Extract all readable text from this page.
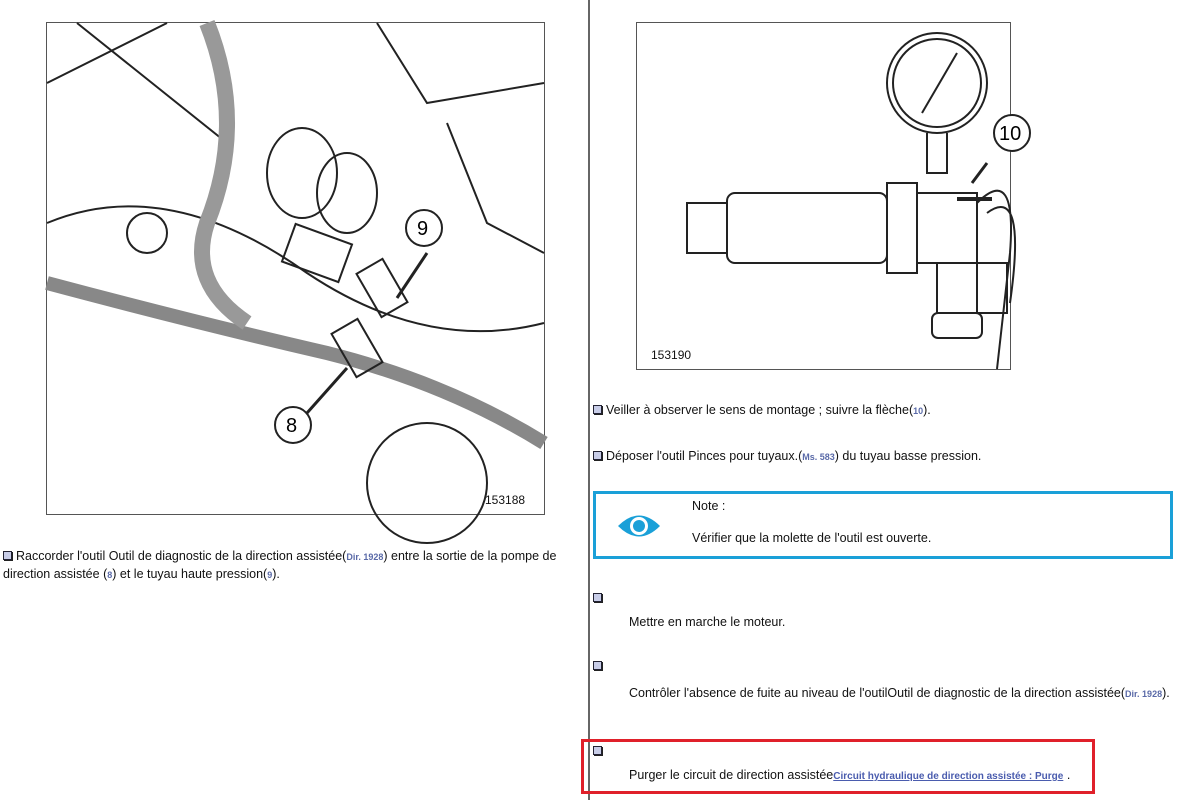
9
8
153188
Raccorder l'outil Outil de diagnostic de la direction assistée(Dir. 1928) entre la sortie de la pompe de direction assistée (8) et le tuyau haute pression(9).
10
153190
Veiller à observer le sens de montage ; suivre la flèche(10).
Déposer l'outil Pinces pour tuyaux.(Ms. 583) du tuyau basse pression.
Note :
Vérifier que la molette de l'outil est ouverte.
Mettre en marche le moteur.
Contrôler l'absence de fuite au niveau de l'outilOutil de diagnostic de la direction assistée(Dir. 1928).
Purger le circuit de direction assistéeCircuit hydraulique de direction assistée : Purge .
